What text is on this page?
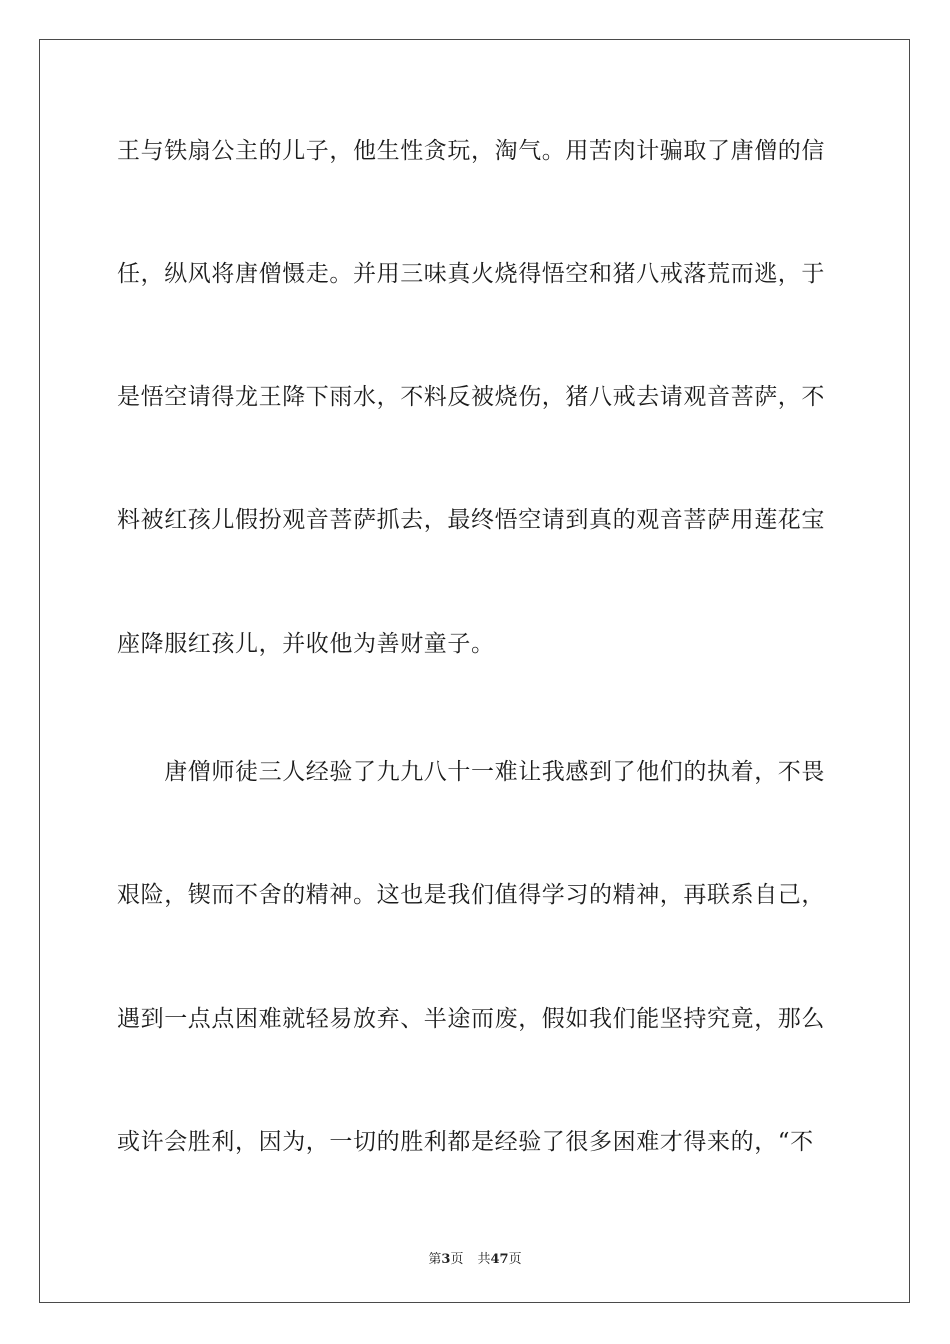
王与铁扇公主的儿子，他生性贪玩，淘气。用苦肉计骗取了唐僧的信
任，纵风将唐僧慑走。并用三味真火烧得悟空和猪八戒落荒而逃，于
是悟空请得龙王降下雨水，不料反被烧伤，猪八戒去请观音菩萨，不
料被红孩儿假扮观音菩萨抓去，最终悟空请到真的观音菩萨用莲花宝
座降服红孩儿，并收他为善财童子。
　　唐僧师徒三人经验了九九八十一难让我感到了他们的执着，不畏
艰险，锲而不舍的精神。这也是我们值得学习的精神，再联系自己，
遇到一点点困难就轻易放弃、半途而废，假如我们能坚持究竟，那么
或许会胜利，因为，一切的胜利都是经验了很多困难才得来的，“不
第3页 共47页
